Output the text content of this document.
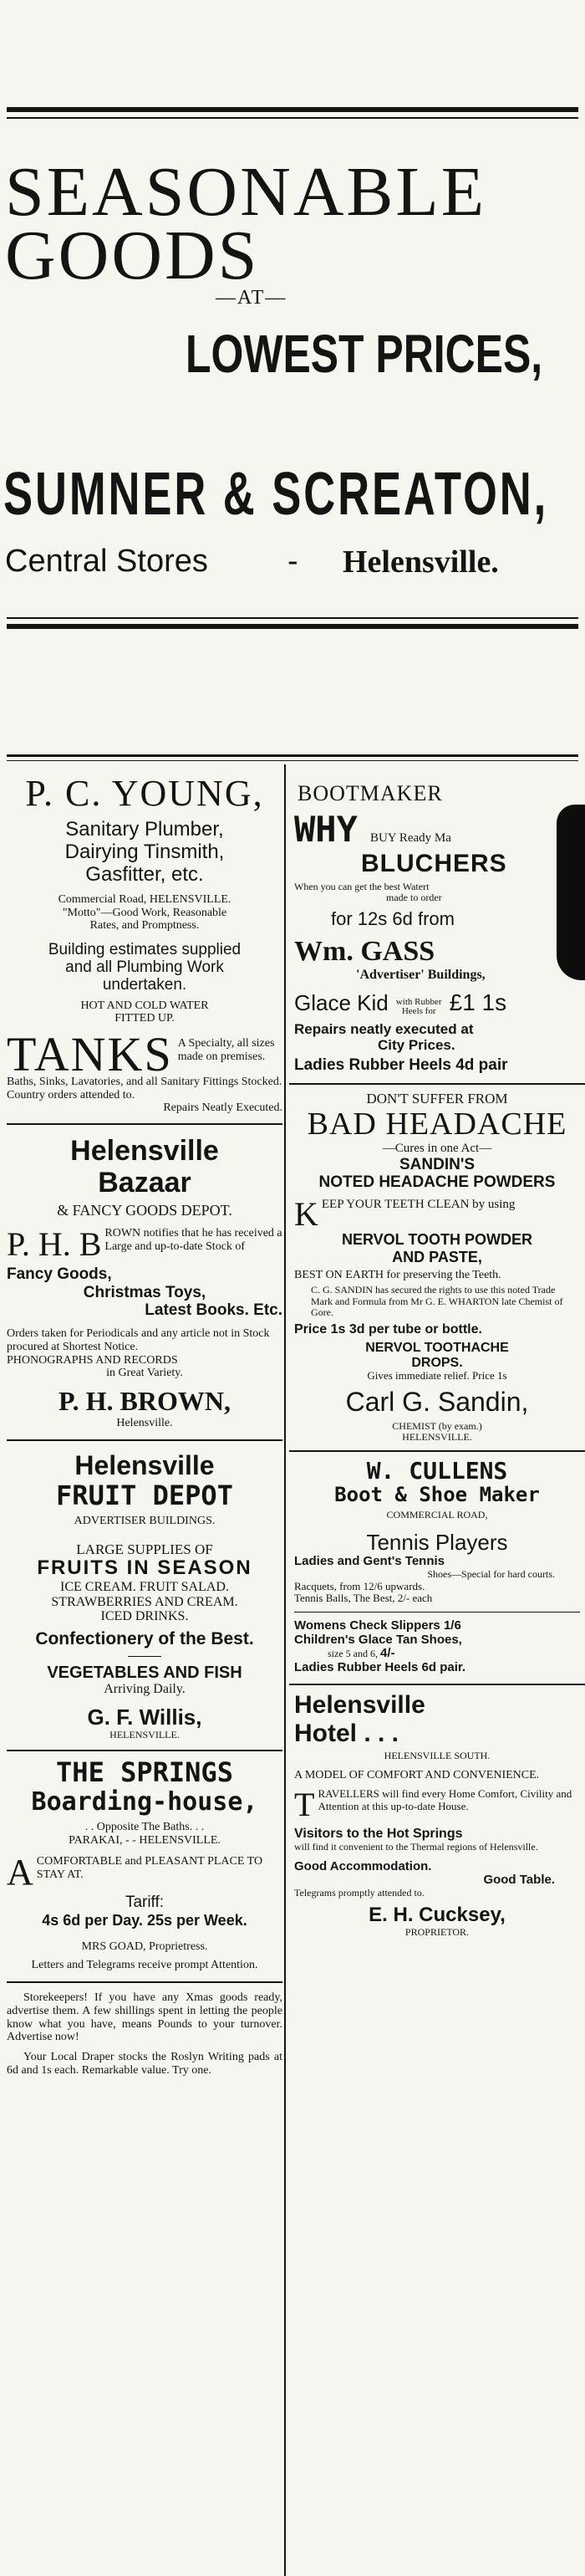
SEASONABLE
GOODS
—AT—
LOWEST PRICES,
SUMNER & SCREATON,
Central Stores	- Helensville.

P. C. YOUNG,

Sanitary Plumber,

Dairying Tinsmith,

Gasfitter, etc.

Commercial Road, HELENSVILLE.

"Motto"—Good Work, Reasonable

Rates, and Promptness.

Building estimates supplied

and all Plumbing Work

undertaken.

HOT AND COLD WATER

FITTED UP.

TANKS A Specialty, all sizes made on premises.

Baths, Sinks, Lavatories, and all Sanitary Fittings Stocked.

Country orders attended to.

Repairs Neatly Executed.

Helensville

Bazaar

& FANCY GOODS DEPOT.

P. H. B ROWN notifies that he has received a Large and up-to-date Stock of

Fancy Goods,

Christmas Toys,

Latest Books. Etc.

Orders taken for Periodicals and any article not in Stock procured at Shortest Notice.

PHONOGRAPHS AND RECORDS

in Great Variety.

P. H. BROWN,

Helensville.

Helensville

FRUIT DEPOT

ADVERTISER BUILDINGS.

LARGE SUPPLIES OF

FRUITS IN SEASON

ICE CREAM. FRUIT SALAD.

STRAWBERRIES AND CREAM.

ICED DRINKS.

Confectionery of the Best.

VEGETABLES AND FISH

Arriving Daily.

G. F. Willis,

HELENSVILLE.

THE SPRINGS

Boarding-house,

. . Opposite The Baths. . .

PARAKAI, - - HELENSVILLE.

A COMFORTABLE and PLEASANT PLACE TO STAY AT.

Tariff:

4s 6d per Day. 25s per Week.

MRS GOAD, Proprietress.

Letters and Telegrams receive prompt Attention.

Storekeepers! If you have any Xmas goods ready, advertise them. A few shillings spent in letting the people know what you have, means Pounds to your turnover. Advertise now!

Your Local Draper stocks the Roslyn Writing pads at 6d and 1s each. Remarkable value. Try one.

BOOTMAKER

WHY BUY Ready Ma

BLUCHERS

When you can get the best Watert

made to order

for 12s 6d from

Wm. GASS

'Advertiser' Buildings,

Glace Kid with Rubber
Heels for £1 1s

Repairs neatly executed at

City Prices.

Ladies Rubber Heels 4d pair

DON'T SUFFER FROM

BAD HEADACHE

—Cures in one Act—

SANDIN'S

NOTED HEADACHE POWDERS

K EEP YOUR TEETH CLEAN by using

NERVOL TOOTH POWDER

AND PASTE,

BEST ON EARTH for preserving the Teeth.

C. G. SANDIN has secured the rights to use this noted Trade Mark and Formula from Mr G. E. WHARTON late Chemist of Gore.

Price 1s 3d per tube or bottle.

NERVOL TOOTHACHE

DROPS.

Gives immediate relief. Price 1s

Carl G. Sandin,

CHEMIST (by exam.)

HELENSVILLE.

W. CULLENS

Boot & Shoe Maker

COMMERCIAL ROAD,

Tennis Players

Ladies and Gent's Tennis

Shoes—Special for hard courts.

Racquets, from 12/6 upwards.

Tennis Balls, The Best, 2/- each

Womens Check Slippers 1/6

Children's Glace Tan Shoes,

size 5 and 6, 4/-

Ladies Rubber Heels 6d pair.

Helensville

Hotel . . .

HELENSVILLE SOUTH.

A MODEL OF COMFORT AND CONVENIENCE.

T RAVELLERS will find every Home Comfort, Civility and Attention at this up-to-date House.

Visitors to the Hot Springs

will find it convenient to the Thermal regions of Helensville.

Good Accommodation.

Good Table.

Telegrams promptly attended to.

E. H. Cucksey,

PROPRIETOR.
